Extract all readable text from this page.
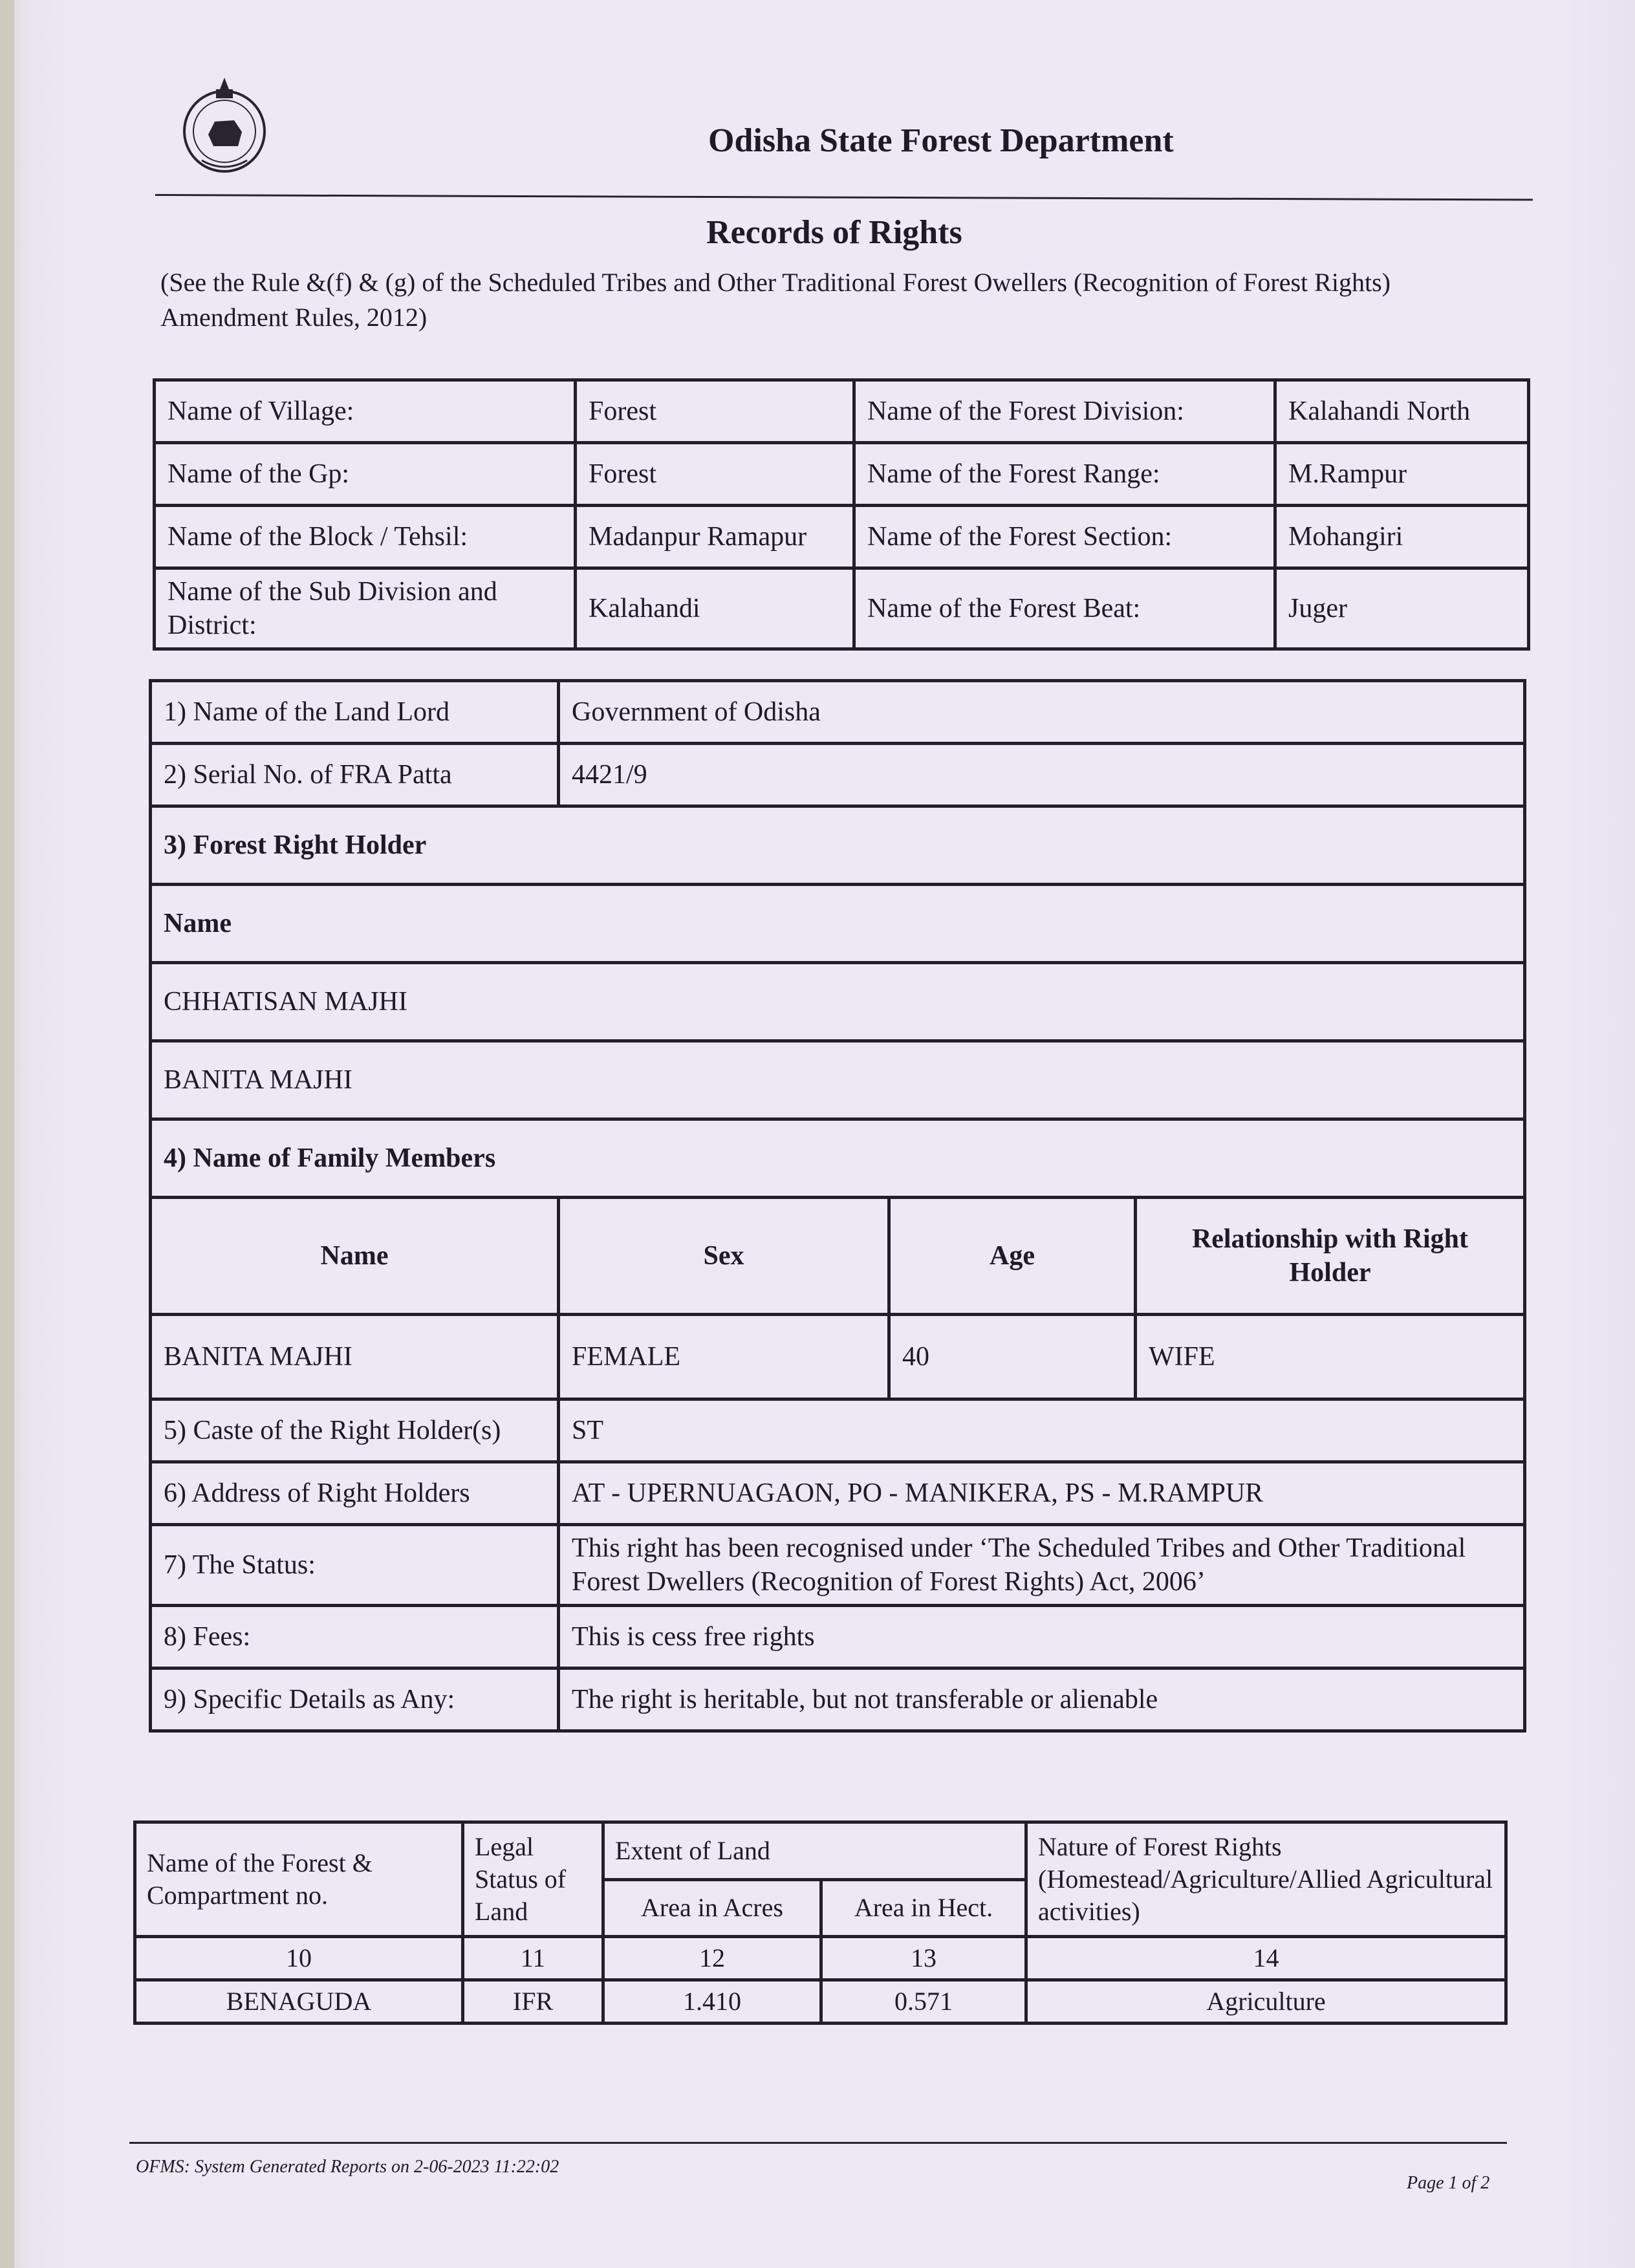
Odisha State Forest Department
Records of Rights
(See the Rule &(f) & (g) of the Scheduled Tribes and Other Traditional Forest Owellers (Recognition of Forest Rights) Amendment Rules, 2012)
Name of Village:	Forest	Name of the Forest Division:	Kalahandi North
Name of the Gp:	Forest	Name of the Forest Range:	M.Rampur
Name of the Block / Tehsil:	Madanpur Ramapur	Name of the Forest Section:	Mohangiri
Name of the Sub Division and District:	Kalahandi	Name of the Forest Beat:	Juger
1) Name of the Land Lord	Government of Odisha		
2) Serial No. of FRA Patta	4421/9		
3) Forest Right Holder			
Name			
CHHATISAN MAJHI			
BANITA MAJHI			
4) Name of Family Members			
Name	Sex	Age	Relationship with Right Holder
BANITA MAJHI	FEMALE	40	WIFE
5) Caste of the Right Holder(s)	ST		
6) Address of Right Holders	AT - UPERNUAGAON, PO - MANIKERA, PS - M.RAMPUR		
7) The Status:	This right has been recognised under ‘The Scheduled Tribes and Other Traditional
Forest Dwellers (Recognition of Forest Rights) Act, 2006’		

8) Fees:	This is cess free rights		
9) Specific Details as Any:	The right is heritable, but not transferable or alienable		
Name of the Forest & Compartment no.	Legal Status of Land	Extent of Land		Nature of Forest Rights (Homestead/Agriculture/Allied Agricultural activities)
		Area in Acres	Area in Hect.	
10	11	12	13	14
BENAGUDA	IFR	1.410	0.571	Agriculture
OFMS: System Generated Reports on 2-06-2023 11:22:02
Page 1 of 2
